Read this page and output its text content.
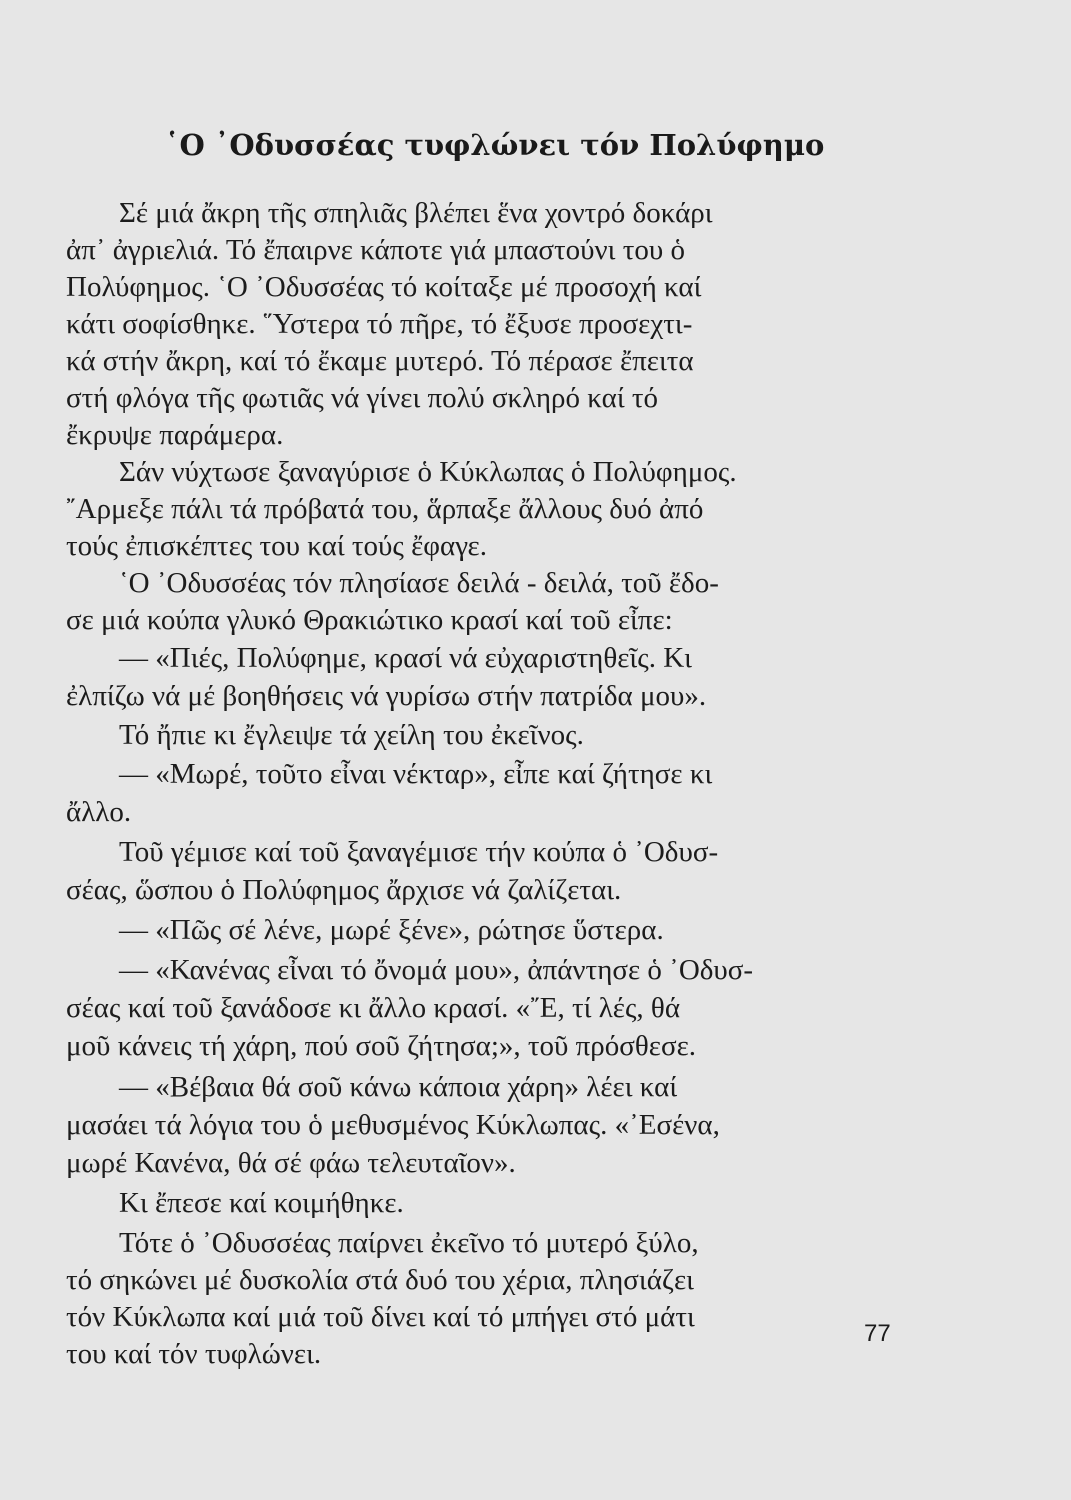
῾Ο ᾿Οδυσσέας τυφλώνει τόν Πολύφημο
Σέ μιά ἄκρη τῆς σπηλιᾶς βλέπει ἕνα χοντρό δοκάρι
ἀπ᾿ ἀγριελιά. Τό ἔπαιρνε κάποτε γιά μπαστούνι του ὁ
Πολύφημος. ῾Ο ᾿Οδυσσέας τό κοίταξε μέ προσοχή καί
κάτι σοφίσθηκε. ῞Υστερα τό πῆρε, τό ἔξυσε προσεχτι-
κά στήν ἄκρη, καί τό ἔκαμε μυτερό. Τό πέρασε ἔπειτα
στή φλόγα τῆς φωτιᾶς νά γίνει πολύ σκληρό καί τό
ἔκρυψε παράμερα.
Σάν νύχτωσε ξαναγύρισε ὁ Κύκλωπας ὁ Πολύφημος.
῎Αρμεξε πάλι τά πρόβατά του, ἅρπαξε ἄλλους δυό ἀπό
τούς ἐπισκέπτες του καί τούς ἔφαγε.
῾Ο ᾿Οδυσσέας τόν πλησίασε δειλά - δειλά, τοῦ ἔδο-
σε μιά κούπα γλυκό Θρακιώτικο κρασί καί τοῦ εἶπε:
— «Πιές, Πολύφημε, κρασί νά εὐχαριστηθεῖς. Κι
ἐλπίζω νά μέ βοηθήσεις νά γυρίσω στήν πατρίδα μου».
Τό ἤπιε κι ἔγλειψε τά χείλη του ἐκεῖνος.
— «Μωρέ, τοῦτο εἶναι νέκταρ», εἶπε καί ζήτησε κι
ἄλλο.
Τοῦ γέμισε καί τοῦ ξαναγέμισε τήν κούπα ὁ ᾿Οδυσ-
σέας, ὥσπου ὁ Πολύφημος ἄρχισε νά ζαλίζεται.
— «Πῶς σέ λένε, μωρέ ξένε», ρώτησε ὕστερα.
— «Κανένας εἶναι τό ὄνομά μου», ἀπάντησε ὁ ᾿Οδυσ-
σέας καί τοῦ ξανάδοσε κι ἄλλο κρασί. «῎Ε, τί λές, θά
μοῦ κάνεις τή χάρη, πού σοῦ ζήτησα;», τοῦ πρόσθεσε.
— «Βέβαια θά σοῦ κάνω κάποια χάρη» λέει καί
μασάει τά λόγια του ὁ μεθυσμένος Κύκλωπας. «᾿Εσένα,
μωρέ Κανένα, θά σέ φάω τελευταῖον».
Κι ἔπεσε καί κοιμήθηκε.
Τότε ὁ ᾿Οδυσσέας παίρνει ἐκεῖνο τό μυτερό ξύλο,
τό σηκώνει μέ δυσκολία στά δυό του χέρια, πλησιάζει
τόν Κύκλωπα καί μιά τοῦ δίνει καί τό μπήγει στό μάτι
του καί τόν τυφλώνει.
77
